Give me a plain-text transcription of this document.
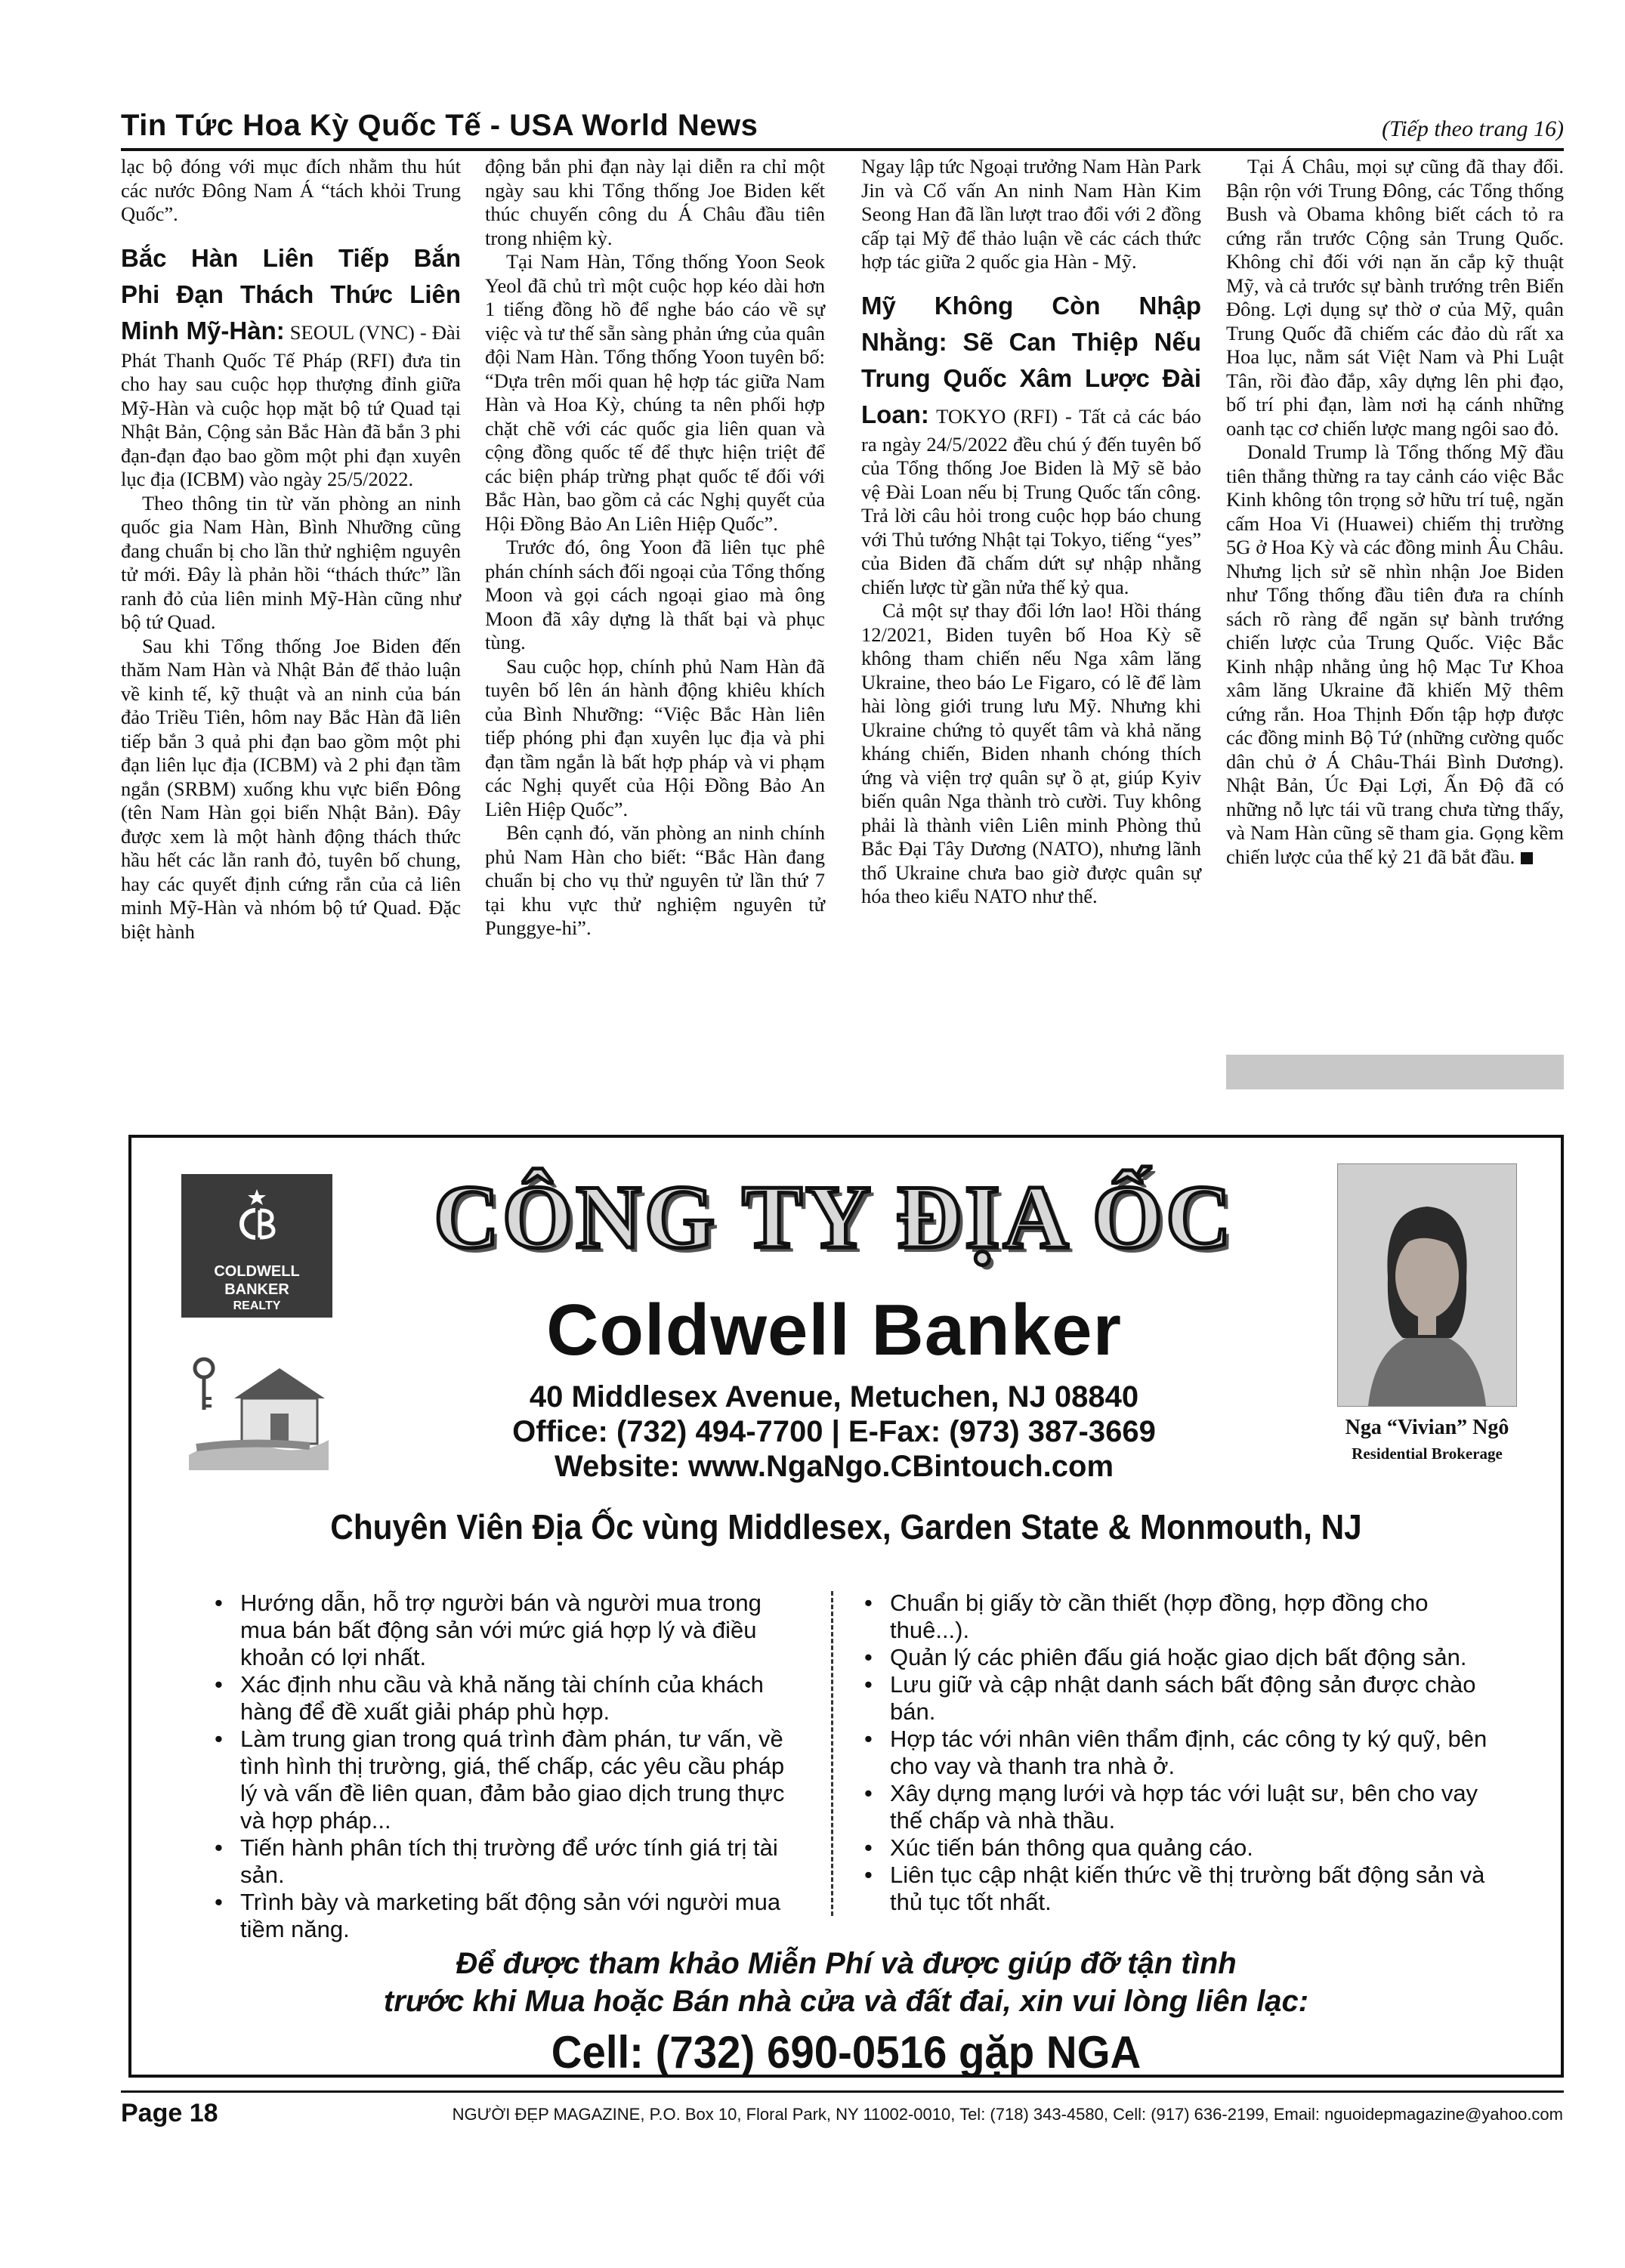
Tin Tức Hoa Kỳ Quốc Tế - USA World News	(Tiếp theo trang 16)

lạc bộ đóng với mục đích nhằm thu hút các nước Đông Nam Á “tách khỏi Trung Quốc”.

Bắc Hàn Liên Tiếp Bắn
Phi Đạn Thách Thức Liên

Minh Mỹ-Hàn: SEOUL (VNC) - Đài Phát Thanh Quốc Tế Pháp (RFI) đưa tin cho hay sau cuộc họp thượng đỉnh giữa Mỹ-Hàn và cuộc họp mặt bộ tứ Quad tại Nhật Bản, Cộng sản Bắc Hàn đã bắn 3 phi đạn-đạn đạo bao gồm một phi đạn xuyên lục địa (ICBM) vào ngày 25/5/2022.

Theo thông tin từ văn phòng an ninh quốc gia Nam Hàn, Bình Nhưỡng cũng đang chuẩn bị cho lần thử nghiệm nguyên tử mới. Đây là phản hồi “thách thức” lần ranh đỏ của liên minh Mỹ-Hàn cũng như bộ tứ Quad.

Sau khi Tổng thống Joe Biden đến thăm Nam Hàn và Nhật Bản để thảo luận về kinh tế, kỹ thuật và an ninh của bán đảo Triều Tiên, hôm nay Bắc Hàn đã liên tiếp bắn 3 quả phi đạn bao gồm một phi đạn liên lục địa (ICBM) và 2 phi đạn tầm ngắn (SRBM) xuống khu vực biển Đông (tên Nam Hàn gọi biển Nhật Bản). Đây được xem là một hành động thách thức hầu hết các lằn ranh đỏ, tuyên bố chung, hay các quyết định cứng rắn của cả liên minh Mỹ-Hàn và nhóm bộ tứ Quad. Đặc biệt hành

động bắn phi đạn này lại diễn ra chỉ một ngày sau khi Tổng thống Joe Biden kết thúc chuyến công du Á Châu đầu tiên trong nhiệm kỳ.

Tại Nam Hàn, Tổng thống Yoon Seok Yeol đã chủ trì một cuộc họp kéo dài hơn 1 tiếng đồng hồ để nghe báo cáo về sự việc và tư thế sẵn sàng phản ứng của quân đội Nam Hàn. Tổng thống Yoon tuyên bố: “Dựa trên mối quan hệ hợp tác giữa Nam Hàn và Hoa Kỳ, chúng ta nên phối hợp chặt chẽ với các quốc gia liên quan và cộng đồng quốc tế để thực hiện triệt để các biện pháp trừng phạt quốc tế đối với Bắc Hàn, bao gồm cả các Nghị quyết của Hội Đồng Bảo An Liên Hiệp Quốc”.

Trước đó, ông Yoon đã liên tục phê phán chính sách đối ngoại của Tổng thống Moon và gọi cách ngoại giao mà ông Moon đã xây dựng là thất bại và phục tùng.

Sau cuộc họp, chính phủ Nam Hàn đã tuyên bố lên án hành động khiêu khích của Bình Nhưỡng: “Việc Bắc Hàn liên tiếp phóng phi đạn xuyên lục địa và phi đạn tầm ngắn là bất hợp pháp và vi phạm các Nghị quyết của Hội Đồng Bảo An Liên Hiệp Quốc”.

Bên cạnh đó, văn phòng an ninh chính phủ Nam Hàn cho biết: “Bắc Hàn đang chuẩn bị cho vụ thử nguyên tử lần thứ 7 tại khu vực thử nghiệm nguyên tử Punggye-hi”.

Ngay lập tức Ngoại trưởng Nam Hàn Park Jin và Cố vấn An ninh Nam Hàn Kim Seong Han đã lần lượt trao đổi với 2 đồng cấp tại Mỹ để thảo luận về các cách thức hợp tác giữa 2 quốc gia Hàn - Mỹ.

Mỹ Không Còn Nhập
Nhằng: Sẽ Can Thiệp Nếu
Trung Quốc Xâm Lược Đài

Loan: TOKYO (RFI) - Tất cả các báo ra ngày 24/5/2022 đều chú ý đến tuyên bố của Tổng thống Joe Biden là Mỹ sẽ bảo vệ Đài Loan nếu bị Trung Quốc tấn công. Trả lời câu hỏi trong cuộc họp báo chung với Thủ tướng Nhật tại Tokyo, tiếng “yes” của Biden đã chấm dứt sự nhập nhằng chiến lược từ gần nửa thế kỷ qua.

Cả một sự thay đổi lớn lao! Hồi tháng 12/2021, Biden tuyên bố Hoa Kỳ sẽ không tham chiến nếu Nga xâm lăng Ukraine, theo báo Le Figaro, có lẽ để làm hài lòng giới trung lưu Mỹ. Nhưng khi Ukraine chứng tỏ quyết tâm và khả năng kháng chiến, Biden nhanh chóng thích ứng và viện trợ quân sự ồ ạt, giúp Kyiv biến quân Nga thành trò cười. Tuy không phải là thành viên Liên minh Phòng thủ Bắc Đại Tây Dương (NATO), nhưng lãnh thổ Ukraine chưa bao giờ được quân sự hóa theo kiểu NATO như thế.

Tại Á Châu, mọi sự cũng đã thay đổi. Bận rộn với Trung Đông, các Tổng thống Bush và Obama không biết cách tỏ ra cứng rắn trước Cộng sản Trung Quốc. Không chỉ đối với nạn ăn cắp kỹ thuật Mỹ, và cả trước sự bành trướng trên Biển Đông. Lợi dụng sự thờ ơ của Mỹ, quân Trung Quốc đã chiếm các đảo dù rất xa Hoa lục, nằm sát Việt Nam và Phi Luật Tân, rồi đào đắp, xây dựng lên phi đạo, bố trí phi đạn, làm nơi hạ cánh những oanh tạc cơ chiến lược mang ngôi sao đỏ.

Donald Trump là Tổng thống Mỹ đầu tiên thẳng thừng ra tay cảnh cáo việc Bắc Kinh không tôn trọng sở hữu trí tuệ, ngăn cấm Hoa Vi (Huawei) chiếm thị trường 5G ở Hoa Kỳ và các đồng minh Âu Châu. Nhưng lịch sử sẽ nhìn nhận Joe Biden như Tổng thống đầu tiên đưa ra chính sách rõ ràng để ngăn sự bành trướng chiến lược của Trung Quốc. Việc Bắc Kinh nhập nhằng ủng hộ Mạc Tư Khoa xâm lăng Ukraine đã khiến Mỹ thêm cứng rắn. Hoa Thịnh Đốn tập hợp được các đồng minh Bộ Tứ (những cường quốc dân chủ ở Á Châu-Thái Bình Dương). Nhật Bản, Úc Đại Lợi, Ấn Độ đã có những nỗ lực tái vũ trang chưa từng thấy, và Nam Hàn cũng sẽ tham gia. Gọng kềm chiến lược của thế kỷ 21 đã bắt đầu.

COLDWELL
BANKER
REALTY
CÔNG TY ĐỊA ỐC
Coldwell Banker
40 Middlesex Avenue, Metuchen, NJ 08840
Office: (732) 494-7700 | E-Fax: (973) 387-3669
Website: www.NgaNgo.CBintouch.com
Nga “Vivian” Ngô
Residential Brokerage
Chuyên Viên Địa Ốc vùng Middlesex, Garden State & Monmouth, NJ
• Hướng dẫn, hỗ trợ người bán và người mua trong mua bán bất động sản với mức giá hợp lý và điều khoản có lợi nhất.
• Xác định nhu cầu và khả năng tài chính của khách hàng để đề xuất giải pháp phù hợp.
• Làm trung gian trong quá trình đàm phán, tư vấn, về tình hình thị trường, giá, thế chấp, các yêu cầu pháp lý và vấn đề liên quan, đảm bảo giao dịch trung thực và hợp pháp...
• Tiến hành phân tích thị trường để ước tính giá trị tài sản.
• Trình bày và marketing bất động sản với người mua tiềm năng.
• Chuẩn bị giấy tờ cần thiết (hợp đồng, hợp đồng cho thuê...).
• Quản lý các phiên đấu giá hoặc giao dịch bất động sản.
• Lưu giữ và cập nhật danh sách bất động sản được chào bán.
• Hợp tác với nhân viên thẩm định, các công ty ký quỹ, bên cho vay và thanh tra nhà ở.
• Xây dựng mạng lưới và hợp tác với luật sư, bên cho vay thế chấp và nhà thầu.
• Xúc tiến bán thông qua quảng cáo.
• Liên tục cập nhật kiến thức về thị trường bất động sản và thủ tục tốt nhất.
Để được tham khảo Miễn Phí và được giúp đỡ tận tình
trước khi Mua hoặc Bán nhà cửa và đất đai, xin vui lòng liên lạc:
Cell: (732) 690-0516 gặp NGA
Page 18	NGƯỜI ĐẸP MAGAZINE, P.O. Box 10, Floral Park, NY 11002-0010, Tel: (718) 343-4580, Cell: (917) 636-2199, Email: nguoidepmagazine@yahoo.com
